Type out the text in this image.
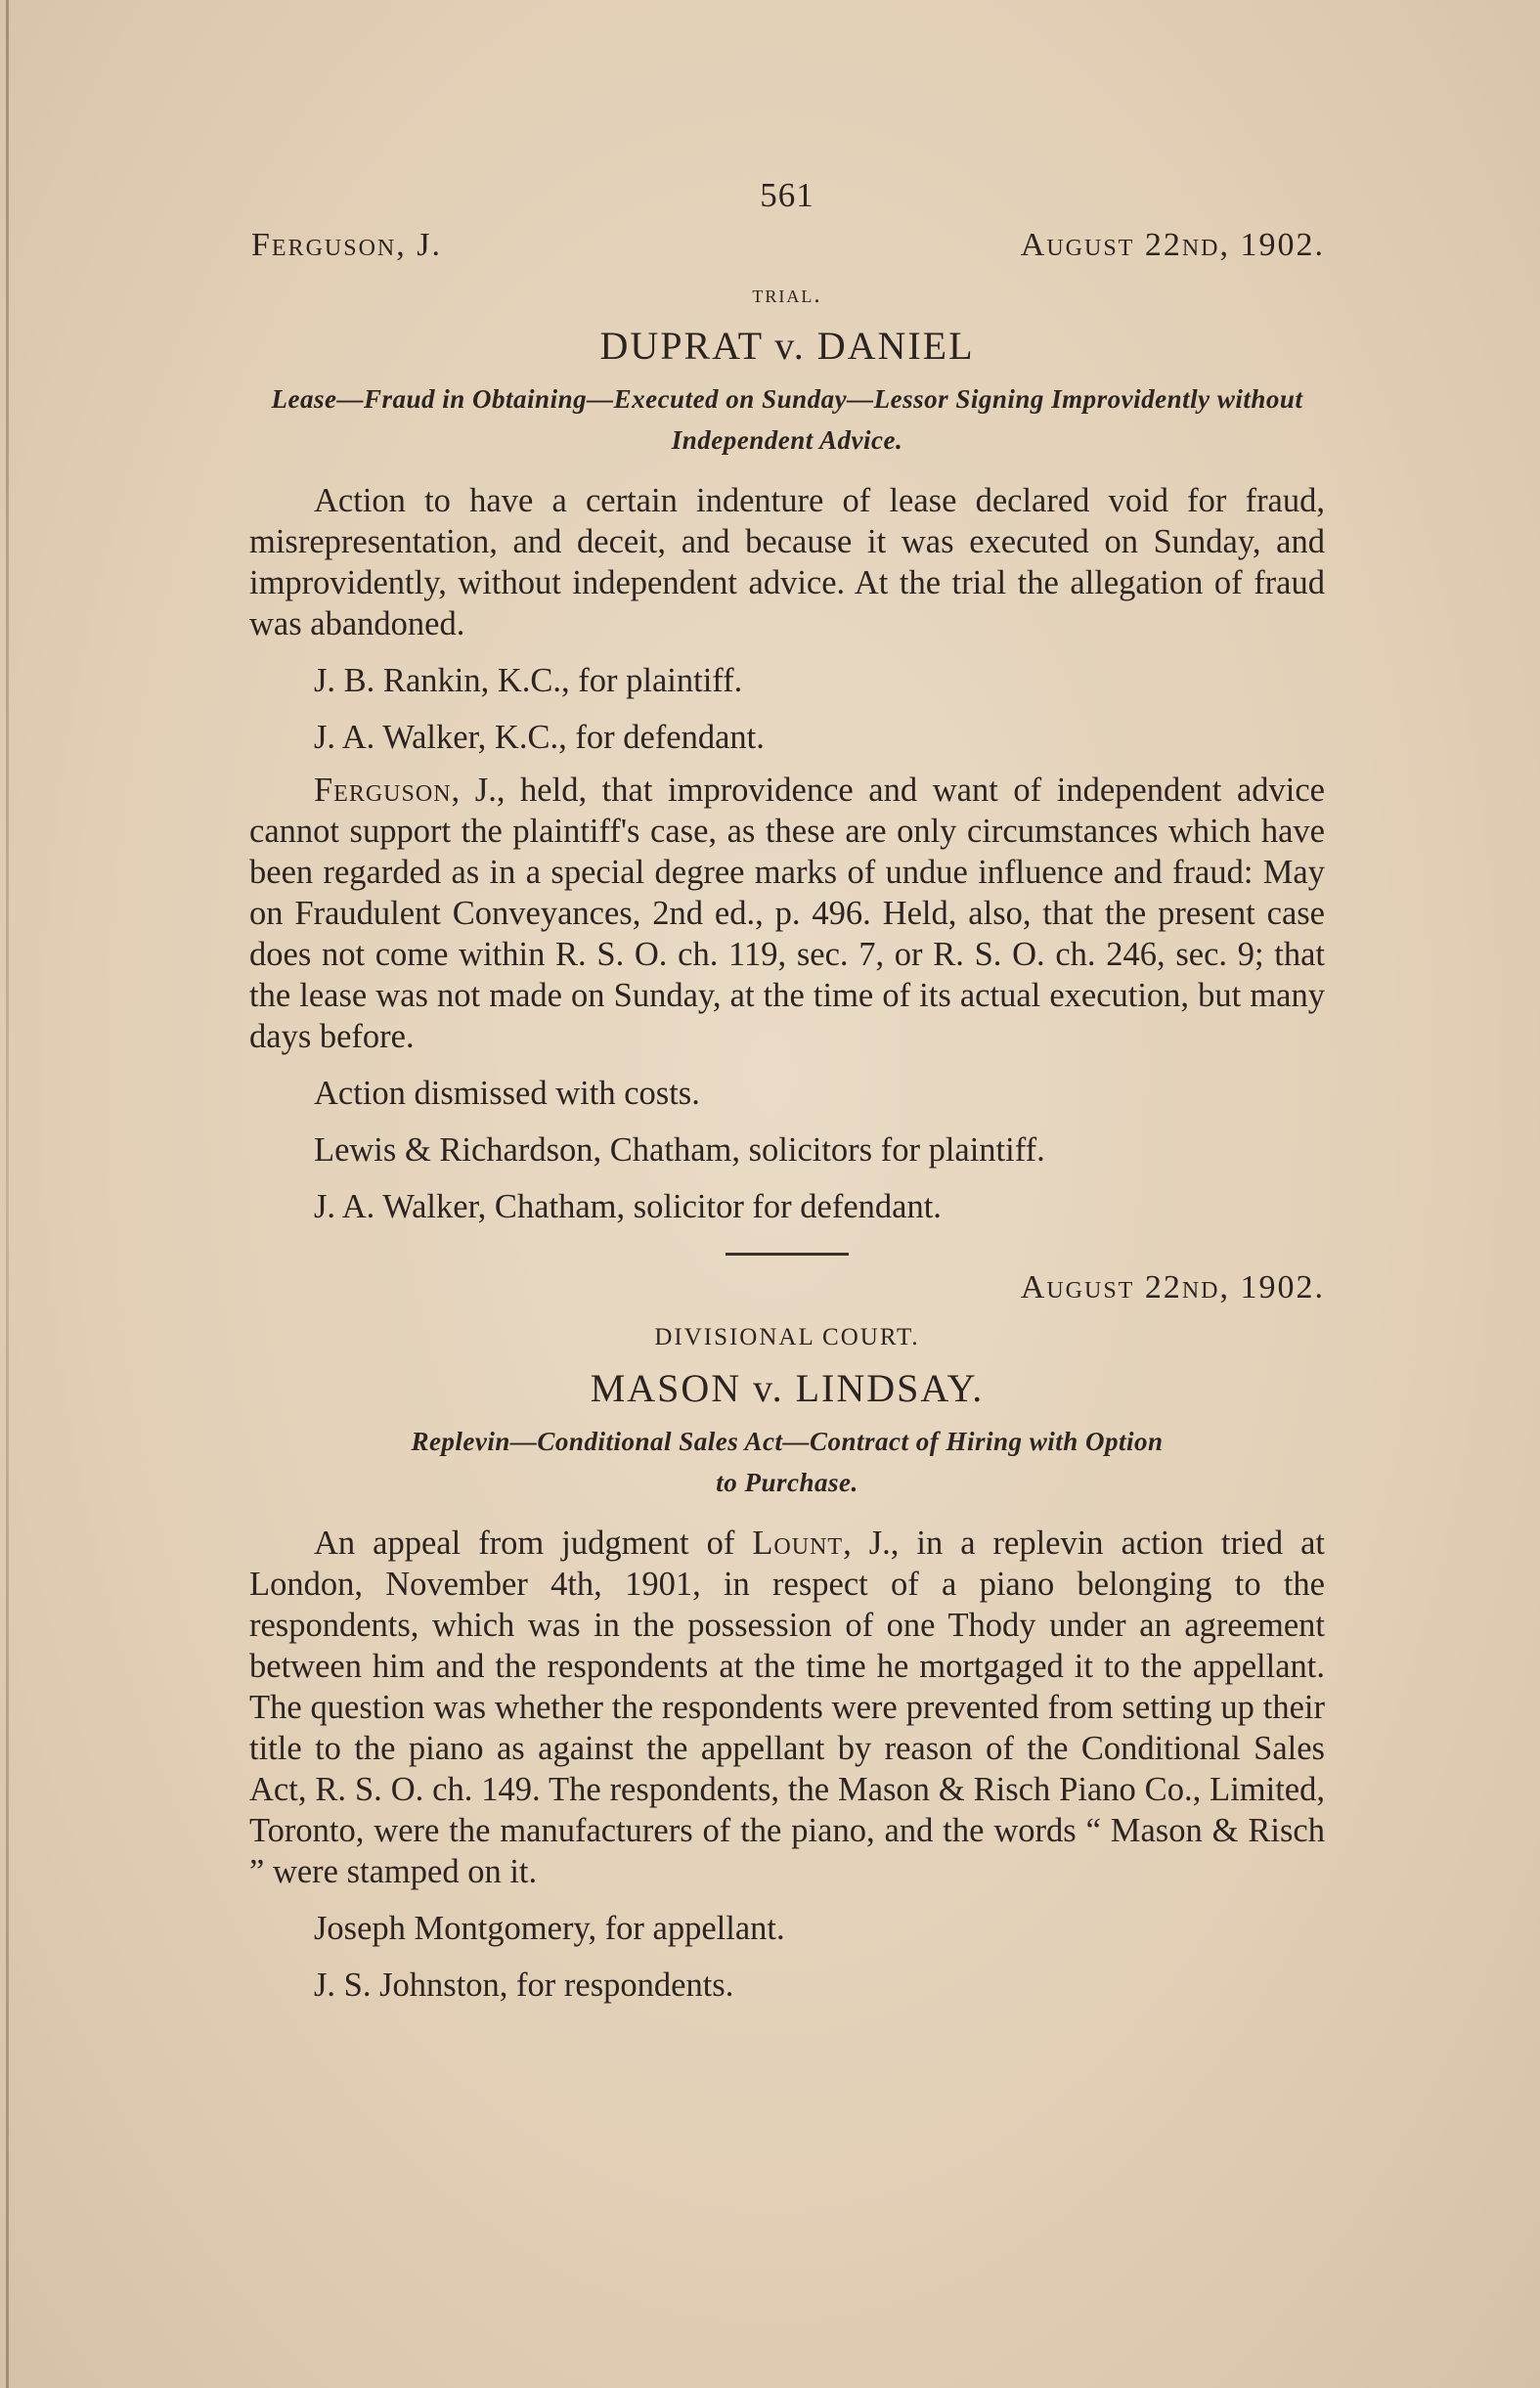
561
Ferguson, J.	August 22nd, 1902.
trial.
DUPRAT v. DANIEL
Lease—Fraud in Obtaining—Executed on Sunday—Lessor Signing Improvidently without Independent Advice.

Action to have a certain indenture of lease declared void for fraud, misrepresentation, and deceit, and because it was executed on Sunday, and improvidently, without independent advice. At the trial the allegation of fraud was abandoned.

J. B. Rankin, K.C., for plaintiff.
J. A. Walker, K.C., for defendant.

Ferguson, J., held, that improvidence and want of independent advice cannot support the plaintiff's case, as these are only circumstances which have been regarded as in a special degree marks of undue influence and fraud: May on Fraudulent Conveyances, 2nd ed., p. 496. Held, also, that the present case does not come within R. S. O. ch. 119, sec. 7, or R. S. O. ch. 246, sec. 9; that the lease was not made on Sunday, at the time of its actual execution, but many days before.

Action dismissed with costs.
Lewis & Richardson, Chatham, solicitors for plaintiff.
J. A. Walker, Chatham, solicitor for defendant.
August 22nd, 1902.
DIVISIONAL COURT.
MASON v. LINDSAY.
Replevin—Conditional Sales Act—Contract of Hiring with Option
to Purchase.

An appeal from judgment of Lount, J., in a replevin action tried at London, November 4th, 1901, in respect of a piano belonging to the respondents, which was in the possession of one Thody under an agreement between him and the respondents at the time he mortgaged it to the appellant. The question was whether the respondents were prevented from setting up their title to the piano as against the appellant by reason of the Conditional Sales Act, R. S. O. ch. 149. The respondents, the Mason & Risch Piano Co., Limited, Toronto, were the manufacturers of the piano, and the words “ Mason & Risch ” were stamped on it.

Joseph Montgomery, for appellant.
J. S. Johnston, for respondents.
